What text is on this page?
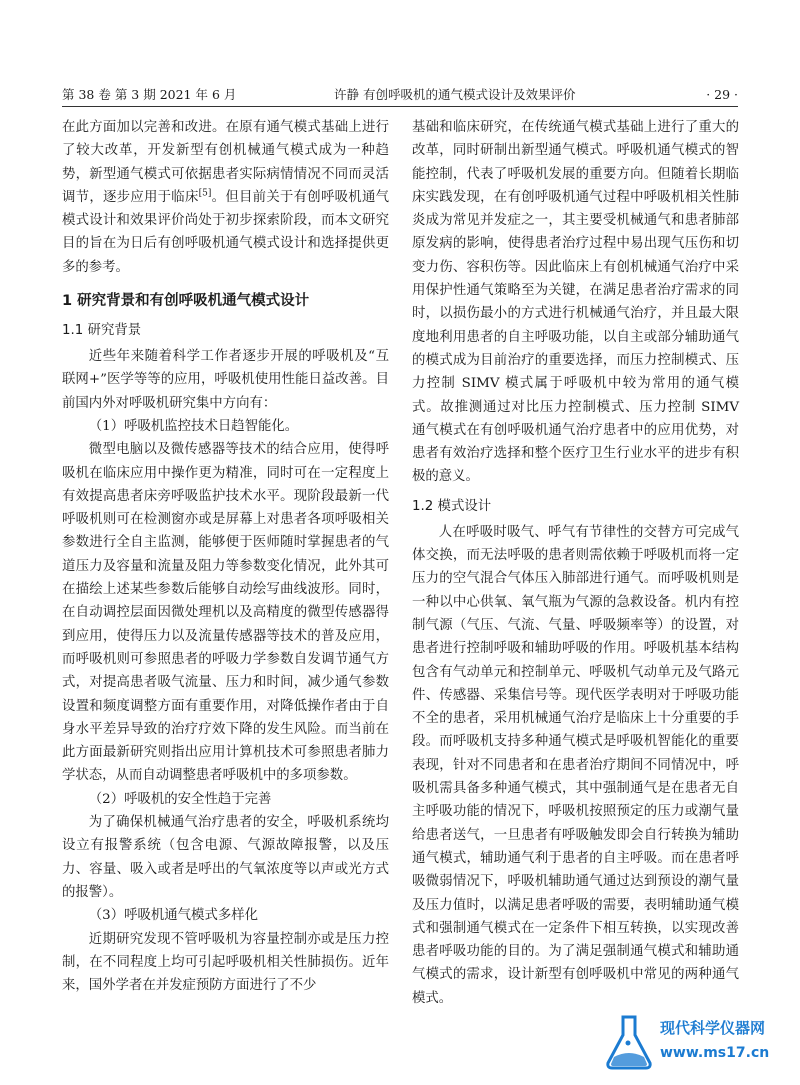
第 38 卷 第 3 期 2021 年 6 月	许静 有创呼吸机的通气模式设计及效果评价	· 29 ·

在此方面加以完善和改进。在原有通气模式基础上进行了较大改革，开发新型有创机械通气模式成为一种趋势，新型通气模式可依据患者实际病情情况不同而灵活调节，逐步应用于临床[5]。但目前关于有创呼吸机通气模式设计和效果评价尚处于初步探索阶段，而本文研究目的旨在为日后有创呼吸机通气模式设计和选择提供更多的参考。

1 研究背景和有创呼吸机通气模式设计
1.1 研究背景

近些年来随着科学工作者逐步开展的呼吸机及“互联网+”医学等等的应用，呼吸机使用性能日益改善。目前国内外对呼吸机研究集中方向有：

（1）呼吸机监控技术日趋智能化。

微型电脑以及微传感器等技术的结合应用，使得呼吸机在临床应用中操作更为精准，同时可在一定程度上有效提高患者床旁呼吸监护技术水平。现阶段最新一代呼吸机则可在检测窗亦或是屏幕上对患者各项呼吸相关参数进行全自主监测，能够便于医师随时掌握患者的气道压力及容量和流量及阻力等参数变化情况，此外其可在描绘上述某些参数后能够自动绘写曲线波形。同时，在自动调控层面因微处理机以及高精度的微型传感器得到应用，使得压力以及流量传感器等技术的普及应用，而呼吸机则可参照患者的呼吸力学参数自发调节通气方式，对提高患者吸气流量、压力和时间，减少通气参数设置和频度调整方面有重要作用，对降低操作者由于自身水平差异导致的治疗疗效下降的发生风险。而当前在此方面最新研究则指出应用计算机技术可参照患者肺力学状态，从而自动调整患者呼吸机中的多项参数。

（2）呼吸机的安全性趋于完善

为了确保机械通气治疗患者的安全，呼吸机系统均设立有报警系统（包含电源、气源故障报警，以及压力、容量、吸入或者是呼出的气氧浓度等以声或光方式的报警）。

（3）呼吸机通气模式多样化

近期研究发现不管呼吸机为容量控制亦或是压力控制，在不同程度上均可引起呼吸机相关性肺损伤。近年来，国外学者在并发症预防方面进行了不少

基础和临床研究，在传统通气模式基础上进行了重大的改革，同时研制出新型通气模式。呼吸机通气模式的智能控制，代表了呼吸机发展的重要方向。但随着长期临床实践发现，在有创呼吸机通气过程中呼吸机相关性肺炎成为常见并发症之一，其主要受机械通气和患者肺部原发病的影响，使得患者治疗过程中易出现气压伤和切变力伤、容积伤等。因此临床上有创机械通气治疗中采用保护性通气策略至为关键，在满足患者治疗需求的同时，以损伤最小的方式进行机械通气治疗，并且最大限度地利用患者的自主呼吸功能，以自主或部分辅助通气的模式成为目前治疗的重要选择，而压力控制模式、压力控制 SIMV 模式属于呼吸机中较为常用的通气模式。故推测通过对比压力控制模式、压力控制 SIMV 通气模式在有创呼吸机通气治疗患者中的应用优势，对患者有效治疗选择和整个医疗卫生行业水平的进步有积极的意义。

1.2 模式设计

人在呼吸时吸气、呼气有节律性的交替方可完成气体交换，而无法呼吸的患者则需依赖于呼吸机而将一定压力的空气混合气体压入肺部进行通气。而呼吸机则是一种以中心供氧、氧气瓶为气源的急救设备。机内有控制气源（气压、气流、气量、呼吸频率等）的设置，对患者进行控制呼吸和辅助呼吸的作用。呼吸机基本结构包含有气动单元和控制单元、呼吸机气动单元及气路元件、传感器、采集信号等。现代医学表明对于呼吸功能不全的患者，采用机械通气治疗是临床上十分重要的手段。而呼吸机支持多种通气模式是呼吸机智能化的重要表现，针对不同患者和在患者治疗期间不同情况中，呼吸机需具备多种通气模式，其中强制通气是在患者无自主呼吸功能的情况下，呼吸机按照预定的压力或潮气量给患者送气，一旦患者有呼吸触发即会自行转换为辅助通气模式，辅助通气利于患者的自主呼吸。而在患者呼吸微弱情况下，呼吸机辅助通气通过达到预设的潮气量及压力值时，以满足患者呼吸的需要，表明辅助通气模式和强制通气模式在一定条件下相互转换，以实现改善患者呼吸功能的目的。为了满足强制通气模式和辅助通气模式的需求，设计新型有创呼吸机中常见的两种通气模式。

现代科学仪器网
www.ms17.cn
